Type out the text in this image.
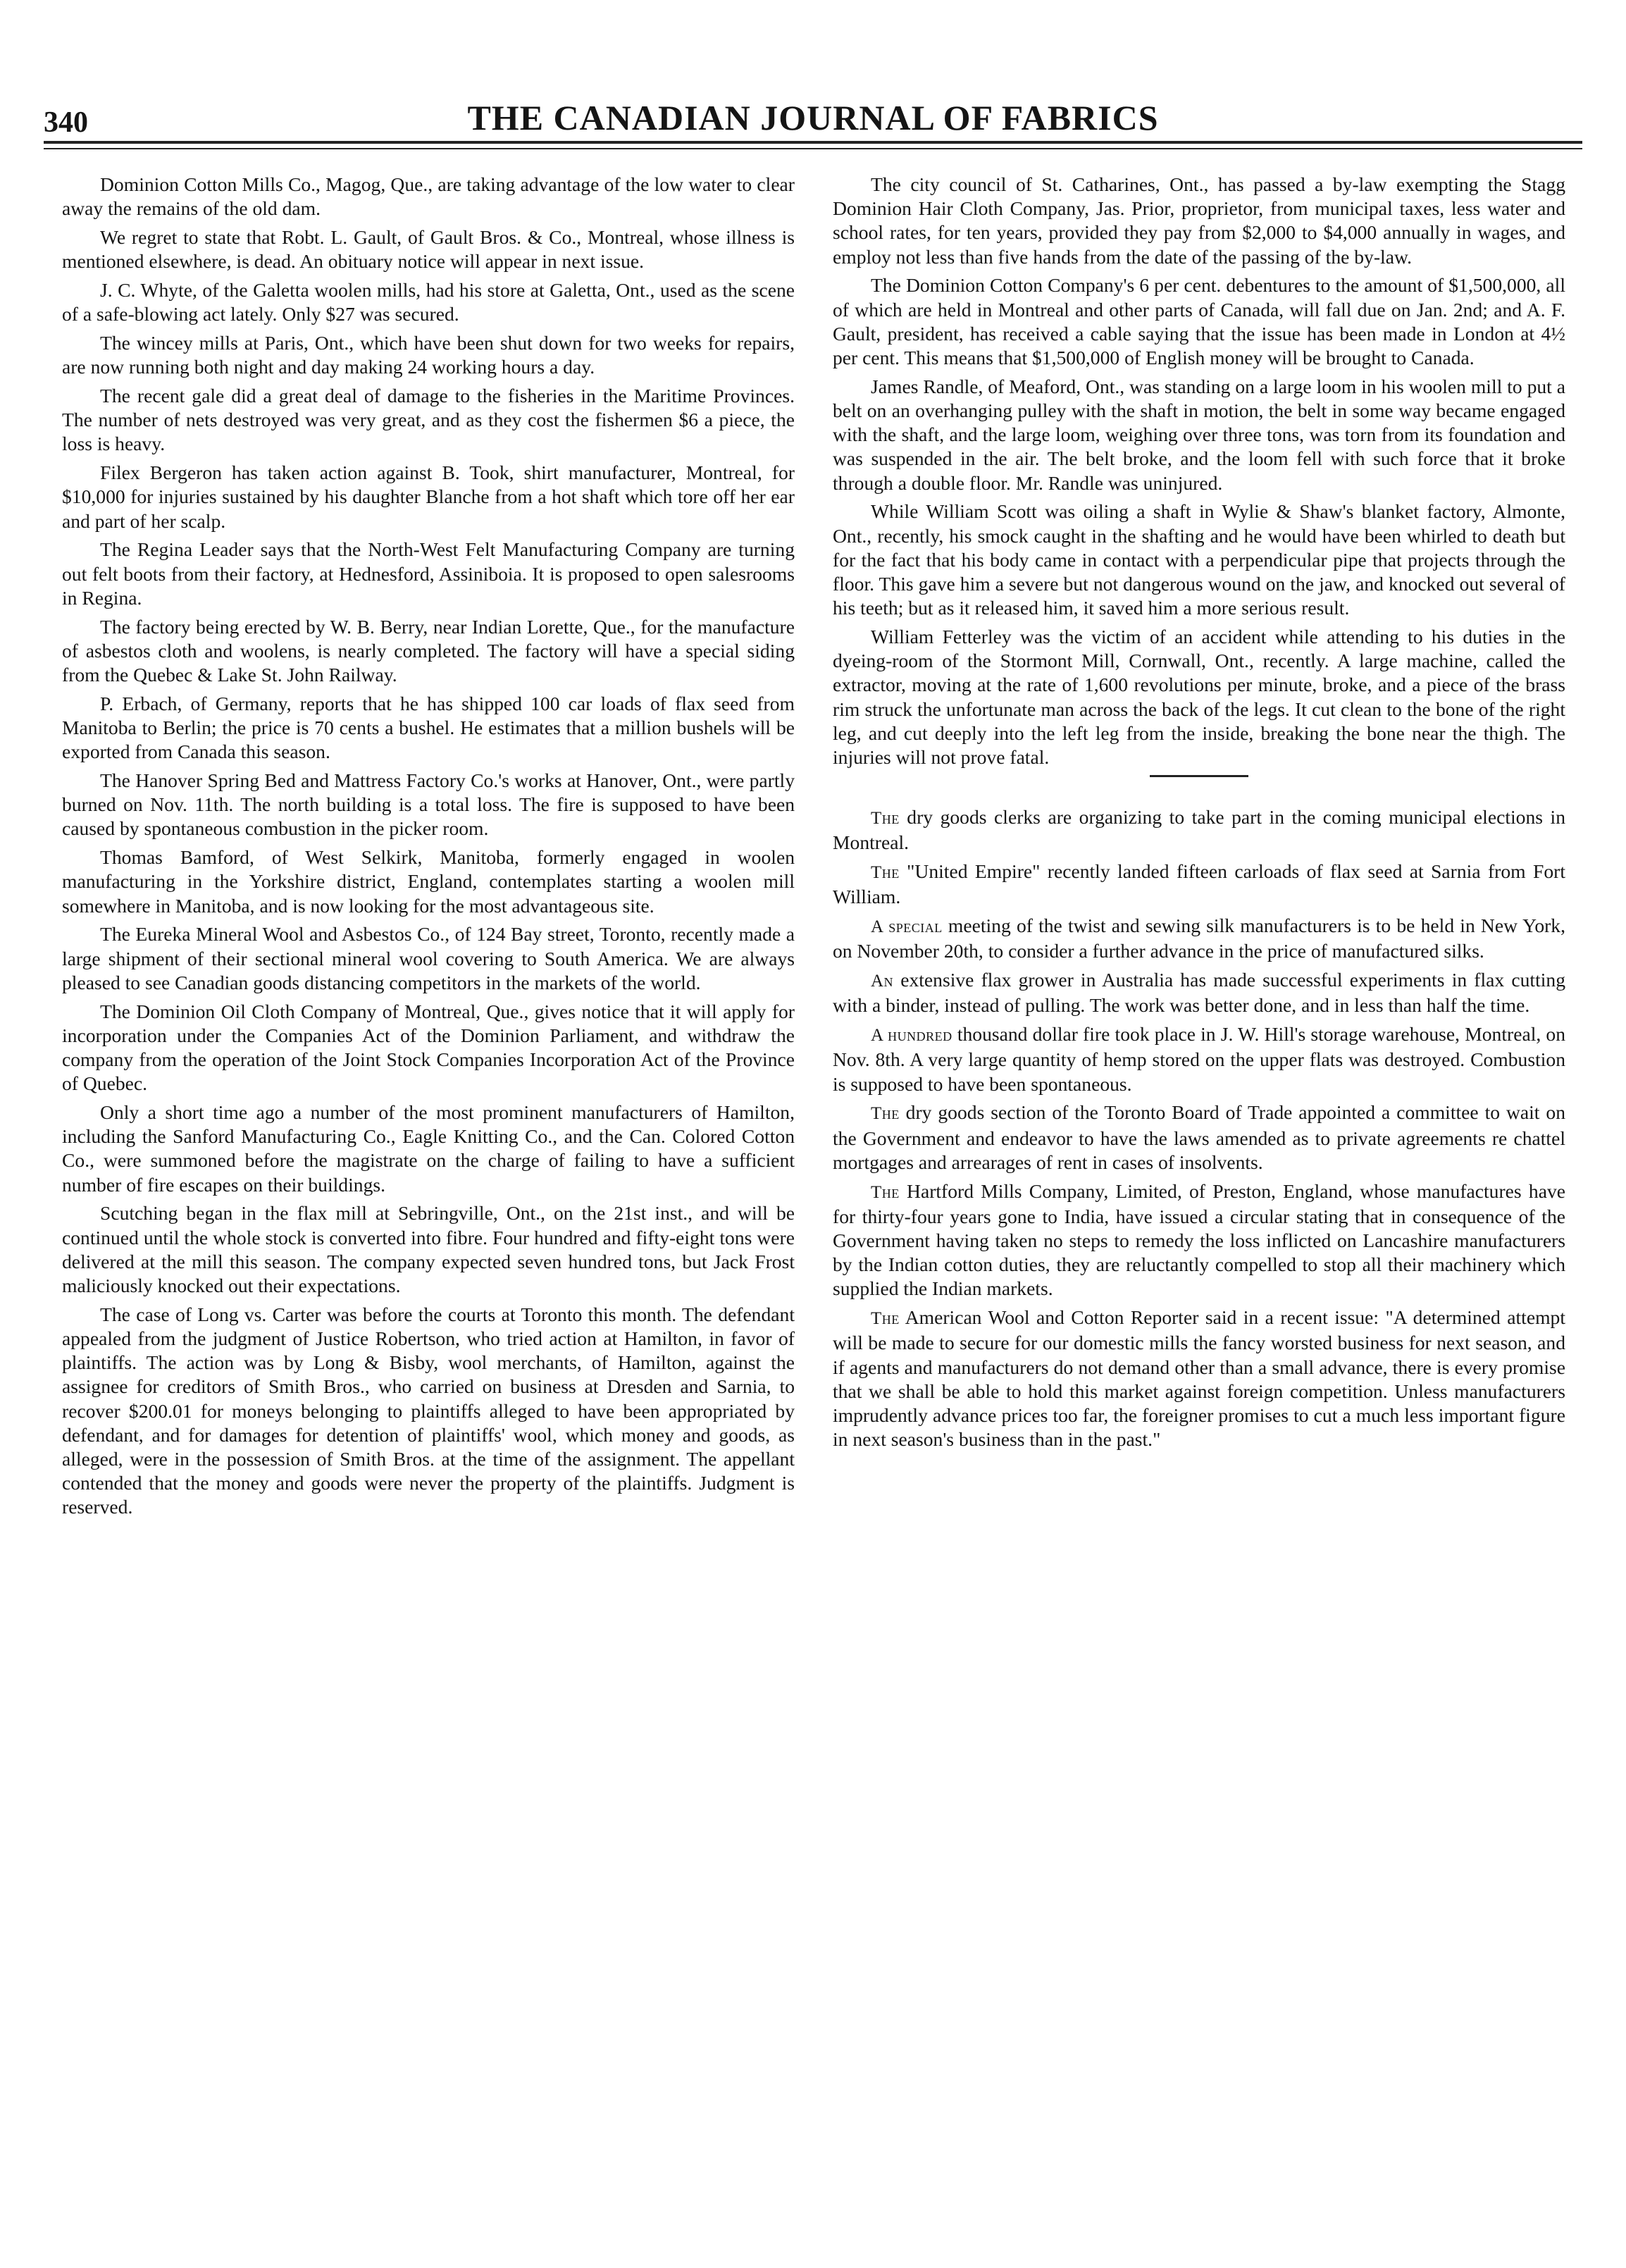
340	THE CANADIAN JOURNAL OF FABRICS

Dominion Cotton Mills Co., Magog, Que., are taking advantage of the low water to clear away the remains of the old dam.

We regret to state that Robt. L. Gault, of Gault Bros. & Co., Montreal, whose illness is mentioned elsewhere, is dead. An obituary notice will appear in next issue.

J. C. Whyte, of the Galetta woolen mills, had his store at Galetta, Ont., used as the scene of a safe-blowing act lately. Only $27 was secured.

The wincey mills at Paris, Ont., which have been shut down for two weeks for repairs, are now running both night and day making 24 working hours a day.

The recent gale did a great deal of damage to the fisheries in the Maritime Provinces. The number of nets destroyed was very great, and as they cost the fishermen $6 a piece, the loss is heavy.

Filex Bergeron has taken action against B. Took, shirt manufacturer, Montreal, for $10,000 for injuries sustained by his daughter Blanche from a hot shaft which tore off her ear and part of her scalp.

The Regina Leader says that the North-West Felt Manufacturing Company are turning out felt boots from their factory, at Hednesford, Assiniboia. It is proposed to open salesrooms in Regina.

The factory being erected by W. B. Berry, near Indian Lorette, Que., for the manufacture of asbestos cloth and woolens, is nearly completed. The factory will have a special siding from the Quebec & Lake St. John Railway.

P. Erbach, of Germany, reports that he has shipped 100 car loads of flax seed from Manitoba to Berlin; the price is 70 cents a bushel. He estimates that a million bushels will be exported from Canada this season.

The Hanover Spring Bed and Mattress Factory Co.'s works at Hanover, Ont., were partly burned on Nov. 11th. The north building is a total loss. The fire is supposed to have been caused by spontaneous combustion in the picker room.

Thomas Bamford, of West Selkirk, Manitoba, formerly engaged in woolen manufacturing in the Yorkshire district, England, contemplates starting a woolen mill somewhere in Manitoba, and is now looking for the most advantageous site.

The Eureka Mineral Wool and Asbestos Co., of 124 Bay street, Toronto, recently made a large shipment of their sectional mineral wool covering to South America. We are always pleased to see Canadian goods distancing competitors in the markets of the world.

The Dominion Oil Cloth Company of Montreal, Que., gives notice that it will apply for incorporation under the Companies Act of the Dominion Parliament, and withdraw the company from the operation of the Joint Stock Companies Incorporation Act of the Province of Quebec.

Only a short time ago a number of the most prominent manufacturers of Hamilton, including the Sanford Manufacturing Co., Eagle Knitting Co., and the Can. Colored Cotton Co., were summoned before the magistrate on the charge of failing to have a sufficient number of fire escapes on their buildings.

Scutching began in the flax mill at Sebringville, Ont., on the 21st inst., and will be continued until the whole stock is converted into fibre. Four hundred and fifty-eight tons were delivered at the mill this season. The company expected seven hundred tons, but Jack Frost maliciously knocked out their expectations.

The case of Long vs. Carter was before the courts at Toronto this month. The defendant appealed from the judgment of Justice Robertson, who tried action at Hamilton, in favor of plaintiffs. The action was by Long & Bisby, wool merchants, of Hamilton, against the assignee for creditors of Smith Bros., who carried on business at Dresden and Sarnia, to recover $200.01 for moneys belonging to plaintiffs alleged to have been appropriated by defendant, and for damages for detention of plaintiffs' wool, which money and goods, as alleged, were in the possession of Smith Bros. at the time of the assignment. The appellant contended that the money and goods were never the property of the plaintiffs. Judgment is reserved.

The city council of St. Catharines, Ont., has passed a by-law exempting the Stagg Dominion Hair Cloth Company, Jas. Prior, proprietor, from municipal taxes, less water and school rates, for ten years, provided they pay from $2,000 to $4,000 annually in wages, and employ not less than five hands from the date of the passing of the by-law.

The Dominion Cotton Company's 6 per cent. debentures to the amount of $1,500,000, all of which are held in Montreal and other parts of Canada, will fall due on Jan. 2nd; and A. F. Gault, president, has received a cable saying that the issue has been made in London at 4½ per cent. This means that $1,500,000 of English money will be brought to Canada.

James Randle, of Meaford, Ont., was standing on a large loom in his woolen mill to put a belt on an overhanging pulley with the shaft in motion, the belt in some way became engaged with the shaft, and the large loom, weighing over three tons, was torn from its foundation and was suspended in the air. The belt broke, and the loom fell with such force that it broke through a double floor. Mr. Randle was uninjured.

While William Scott was oiling a shaft in Wylie & Shaw's blanket factory, Almonte, Ont., recently, his smock caught in the shafting and he would have been whirled to death but for the fact that his body came in contact with a perpendicular pipe that projects through the floor. This gave him a severe but not dangerous wound on the jaw, and knocked out several of his teeth; but as it released him, it saved him a more serious result.

William Fetterley was the victim of an accident while attending to his duties in the dyeing-room of the Stormont Mill, Cornwall, Ont., recently. A large machine, called the extractor, moving at the rate of 1,600 revolutions per minute, broke, and a piece of the brass rim struck the unfortunate man across the back of the legs. It cut clean to the bone of the right leg, and cut deeply into the left leg from the inside, breaking the bone near the thigh. The injuries will not prove fatal.

The dry goods clerks are organizing to take part in the coming municipal elections in Montreal.

The "United Empire" recently landed fifteen carloads of flax seed at Sarnia from Fort William.

A special meeting of the twist and sewing silk manufacturers is to be held in New York, on November 20th, to consider a further advance in the price of manufactured silks.

An extensive flax grower in Australia has made successful experiments in flax cutting with a binder, instead of pulling. The work was better done, and in less than half the time.

A hundred thousand dollar fire took place in J. W. Hill's storage warehouse, Montreal, on Nov. 8th. A very large quantity of hemp stored on the upper flats was destroyed. Combustion is supposed to have been spontaneous.

The dry goods section of the Toronto Board of Trade appointed a committee to wait on the Government and endeavor to have the laws amended as to private agreements re chattel mortgages and arrearages of rent in cases of insolvents.

The Hartford Mills Company, Limited, of Preston, England, whose manufactures have for thirty-four years gone to India, have issued a circular stating that in consequence of the Government having taken no steps to remedy the loss inflicted on Lancashire manufacturers by the Indian cotton duties, they are reluctantly compelled to stop all their machinery which supplied the Indian markets.

The American Wool and Cotton Reporter said in a recent issue: "A determined attempt will be made to secure for our domestic mills the fancy worsted business for next season, and if agents and manufacturers do not demand other than a small advance, there is every promise that we shall be able to hold this market against foreign competition. Unless manufacturers imprudently advance prices too far, the foreigner promises to cut a much less important figure in next season's business than in the past."
